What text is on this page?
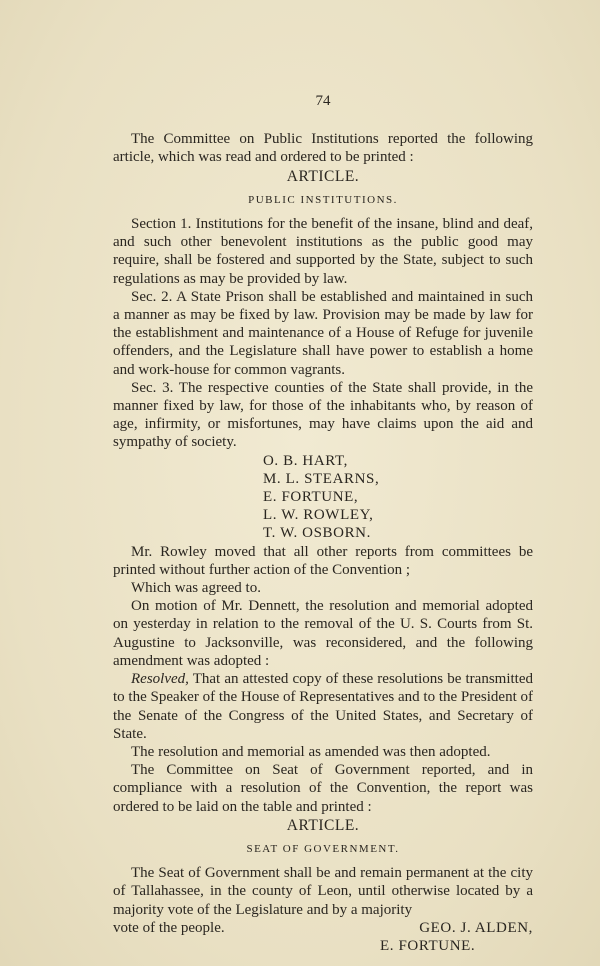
74

The Committee on Public Institutions reported the following article, which was read and ordered to be printed :

ARTICLE.
PUBLIC INSTITUTIONS.

Section 1. Institutions for the benefit of the insane, blind and deaf, and such other benevolent institutions as the public good may require, shall be fostered and supported by the State, subject to such regulations as may be provided by law.

Sec. 2. A State Prison shall be established and maintained in such a manner as may be fixed by law. Provision may be made by law for the establishment and maintenance of a House of Refuge for juvenile offenders, and the Legislature shall have power to establish a home and work-house for common vagrants.

Sec. 3. The respective counties of the State shall provide, in the manner fixed by law, for those of the inhabitants who, by reason of age, infirmity, or misfortunes, may have claims upon the aid and sympathy of society.

O. B. HART,
M. L. STEARNS,
E. FORTUNE,
L. W. ROWLEY,
T. W. OSBORN.

Mr. Rowley moved that all other reports from committees be printed without further action of the Convention ;

Which was agreed to.

On motion of Mr. Dennett, the resolution and memorial adopted on yesterday in relation to the removal of the U. S. Courts from St. Augustine to Jacksonville, was reconsidered, and the following amendment was adopted :

Resolved, That an attested copy of these resolutions be transmitted to the Speaker of the House of Representatives and to the President of the Senate of the Congress of the United States, and Secretary of State.

The resolution and memorial as amended was then adopted.

The Committee on Seat of Government reported, and in compliance with a resolution of the Convention, the report was ordered to be laid on the table and printed :

ARTICLE.
SEAT OF GOVERNMENT.

The Seat of Government shall be and remain permanent at the city of Tallahassee, in the county of Leon, until otherwise located by a majority vote of the Legislature and by a majority

vote of the people.	GEO. J. ALDEN,
E. FORTUNE.
